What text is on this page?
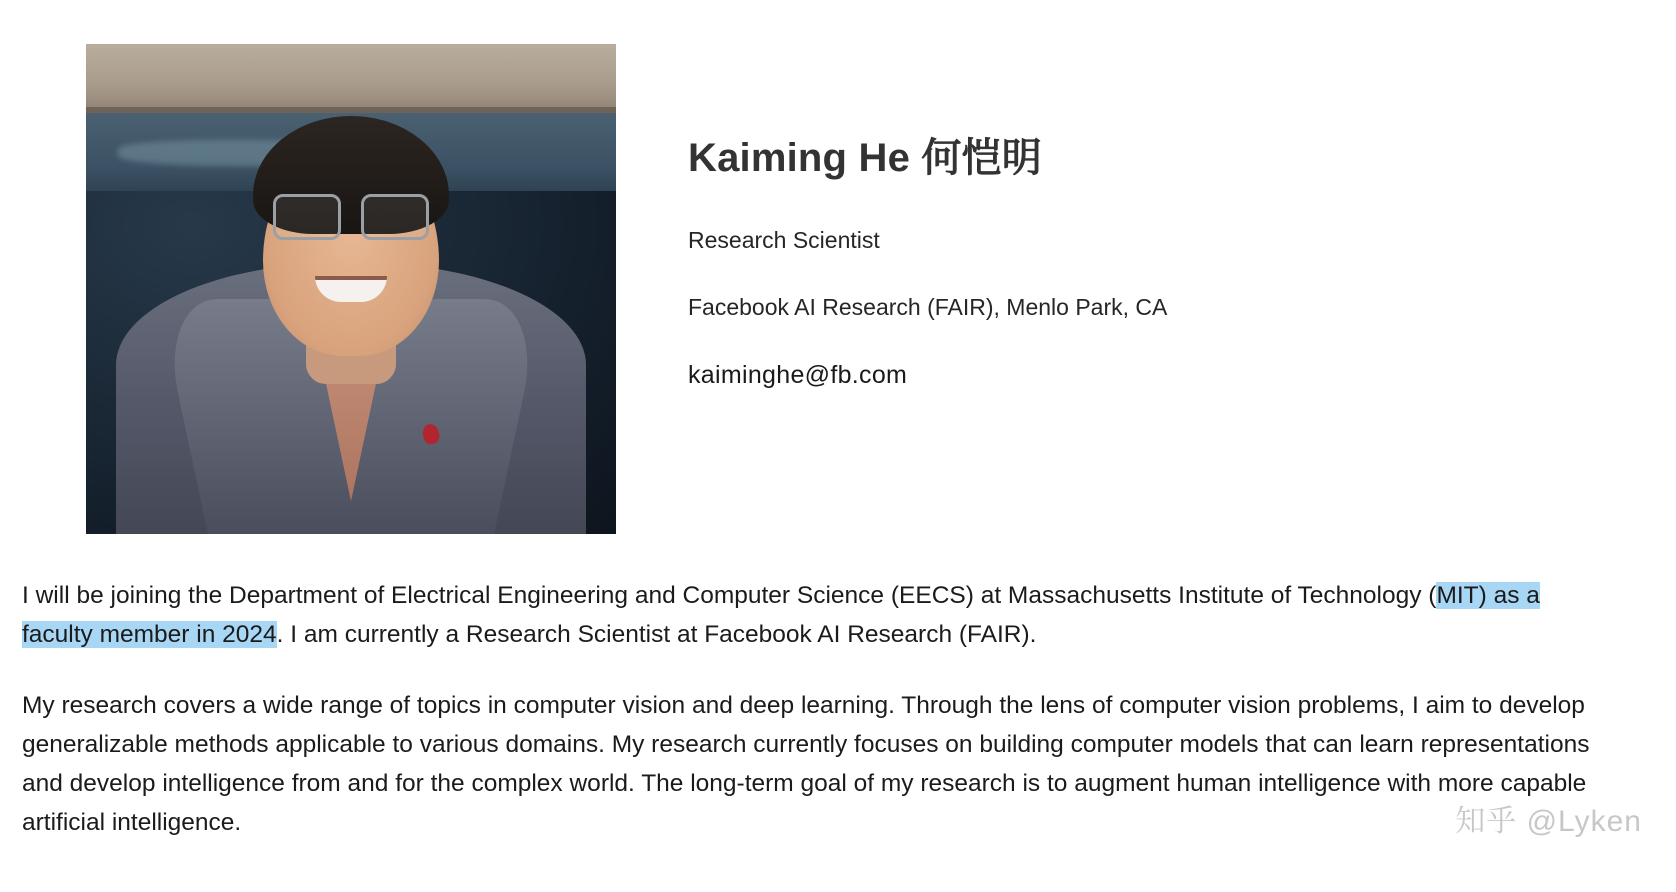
Kaiming He 何恺明

Research Scientist

Facebook AI Research (FAIR), Menlo Park, CA

kaiminghe@fb.com

I will be joining the Department of Electrical Engineering and Computer Science (EECS) at Massachusetts Institute of Technology (MIT) as a faculty member in 2024. I am currently a Research Scientist at Facebook AI Research (FAIR).

My research covers a wide range of topics in computer vision and deep learning. Through the lens of computer vision problems, I aim to develop generalizable methods applicable to various domains. My research currently focuses on building computer models that can learn representations and develop intelligence from and for the complex world. The long-term goal of my research is to augment human intelligence with more capable artificial intelligence.	知乎 @Lyken
